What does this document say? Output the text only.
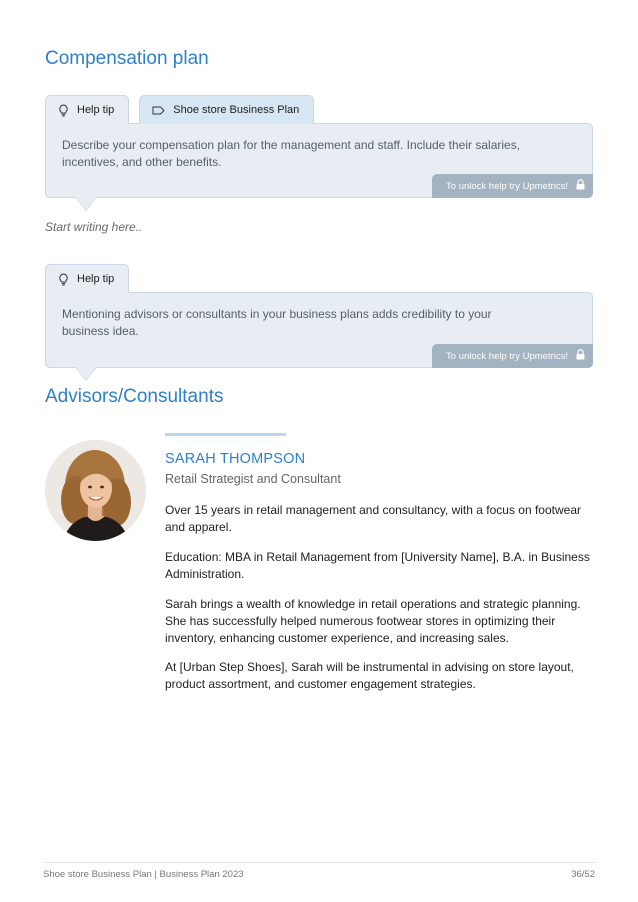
Compensation plan
Help tip	Shoe store Business Plan

Describe your compensation plan for the management and staff. Include their salaries, incentives, and other benefits.

To unlock help try Upmetrics!
Start writing here..
Help tip

Mentioning advisors or consultants in your business plans adds credibility to your business idea.

To unlock help try Upmetrics!
Advisors/Consultants
SARAH THOMPSON
Retail Strategist and Consultant

Over 15 years in retail management and consultancy, with a focus on footwear and apparel.

Education: MBA in Retail Management from [University Name], B.A. in Business Administration.

Sarah brings a wealth of knowledge in retail operations and strategic planning. She has successfully helped numerous footwear stores in optimizing their inventory, enhancing customer experience, and increasing sales.

At [Urban Step Shoes], Sarah will be instrumental in advising on store layout, product assortment, and customer engagement strategies.

Shoe store Business Plan | Business Plan 2023	36/52
